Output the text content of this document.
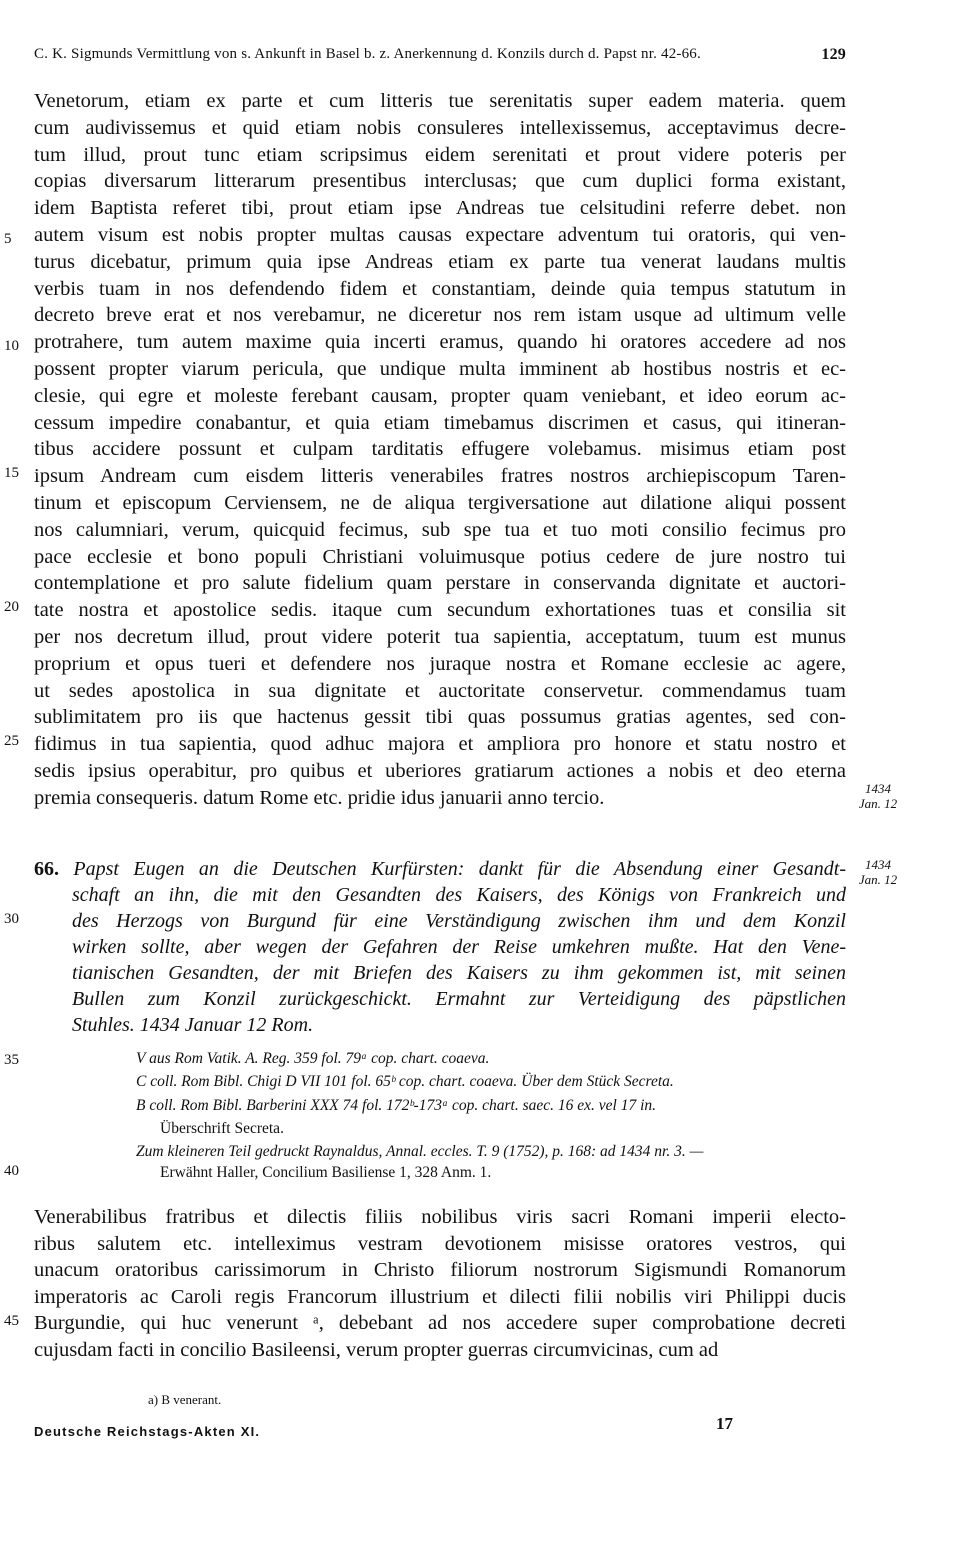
C. K. Sigmunds Vermittlung von s. Ankunft in Basel b. z. Anerkennung d. Konzils durch d. Papst nr. 42-66.	129
Venetorum, etiam ex parte et cum litteris tue serenitatis super eadem materia. quem
cum audivissemus et quid etiam nobis consuleres intellexissemus, acceptavimus decre-
tum illud, prout tunc etiam scripsimus eidem serenitati et prout videre poteris per
copias diversarum litterarum presentibus interclusas; que cum duplici forma existant,
idem Baptista referet tibi, prout etiam ipse Andreas tue celsitudini referre debet. non
autem visum est nobis propter multas causas expectare adventum tui oratoris, qui ven-
turus dicebatur, primum quia ipse Andreas etiam ex parte tua venerat laudans multis
verbis tuam in nos defendendo fidem et constantiam, deinde quia tempus statutum in
decreto breve erat et nos verebamur, ne diceretur nos rem istam usque ad ultimum velle
protrahere, tum autem maxime quia incerti eramus, quando hi oratores accedere ad nos
possent propter viarum pericula, que undique multa imminent ab hostibus nostris et ec-
clesie, qui egre et moleste ferebant causam, propter quam veniebant, et ideo eorum ac-
cessum impedire conabantur, et quia etiam timebamus discrimen et casus, qui itineran-
tibus accidere possunt et culpam tarditatis effugere volebamus. misimus etiam post
ipsum Andream cum eisdem litteris venerabiles fratres nostros archiepiscopum Taren-
tinum et episcopum Cerviensem, ne de aliqua tergiversatione aut dilatione aliqui possent
nos calumniari, verum, quicquid fecimus, sub spe tua et tuo moti consilio fecimus pro
pace ecclesie et bono populi Christiani voluimusque potius cedere de jure nostro tui
contemplatione et pro salute fidelium quam perstare in conservanda dignitate et auctori-
tate nostra et apostolice sedis. itaque cum secundum exhortationes tuas et consilia sit
per nos decretum illud, prout videre poterit tua sapientia, acceptatum, tuum est munus
proprium et opus tueri et defendere nos juraque nostra et Romane ecclesie ac agere,
ut sedes apostolica in sua dignitate et auctoritate conservetur. commendamus tuam
sublimitatem pro iis que hactenus gessit tibi quas possumus gratias agentes, sed con-
fidimus in tua sapientia, quod adhuc majora et ampliora pro honore et statu nostro et
sedis ipsius operabitur, pro quibus et uberiores gratiarum actiones a nobis et deo eterna
premia consequeris. datum Rome etc. pridie idus januarii anno tercio.
5
10
15
20
25
1434
Jan. 12
66. Papst Eugen an die Deutschen Kurfürsten: dankt für die Absendung einer Gesandt-
schaft an ihn, die mit den Gesandten des Kaisers, des Königs von Frankreich und
des Herzogs von Burgund für eine Verständigung zwischen ihm und dem Konzil
wirken sollte, aber wegen der Gefahren der Reise umkehren mußte. Hat den Vene-
tianischen Gesandten, der mit Briefen des Kaisers zu ihm gekommen ist, mit seinen
Bullen zum Konzil zurückgeschickt. Ermahnt zur Verteidigung des päpstlichen
Stuhles. 1434 Januar 12 Rom.
30
1434
Jan. 12
V aus Rom Vatik. A. Reg. 359 fol. 79ᵃ cop. chart. coaeva.
C coll. Rom Bibl. Chigi D VII 101 fol. 65ᵇ cop. chart. coaeva. Über dem Stück Secreta.
B coll. Rom Bibl. Barberini XXX 74 fol. 172ᵇ-173ᵃ cop. chart. saec. 16 ex. vel 17 in.
Überschrift Secreta.
Zum kleineren Teil gedruckt Raynaldus, Annal. eccles. T. 9 (1752), p. 168: ad 1434 nr. 3. —
Erwähnt Haller, Concilium Basiliense 1, 328 Anm. 1.
35
40
Venerabilibus fratribus et dilectis filiis nobilibus viris sacri Romani imperii electo-
ribus salutem etc. intelleximus vestram devotionem misisse oratores vestros, qui
unacum oratoribus carissimorum in Christo filiorum nostrorum Sigismundi Romanorum
imperatoris ac Caroli regis Francorum illustrium et dilecti filii nobilis viri Philippi ducis
Burgundie, qui huc venerunt ᵃ, debebant ad nos accedere super comprobatione decreti
cujusdam facti in concilio Basileensi, verum propter guerras circumvicinas, cum ad
45
a) B venerant.
Deutsche Reichstags-Akten XI.	17
